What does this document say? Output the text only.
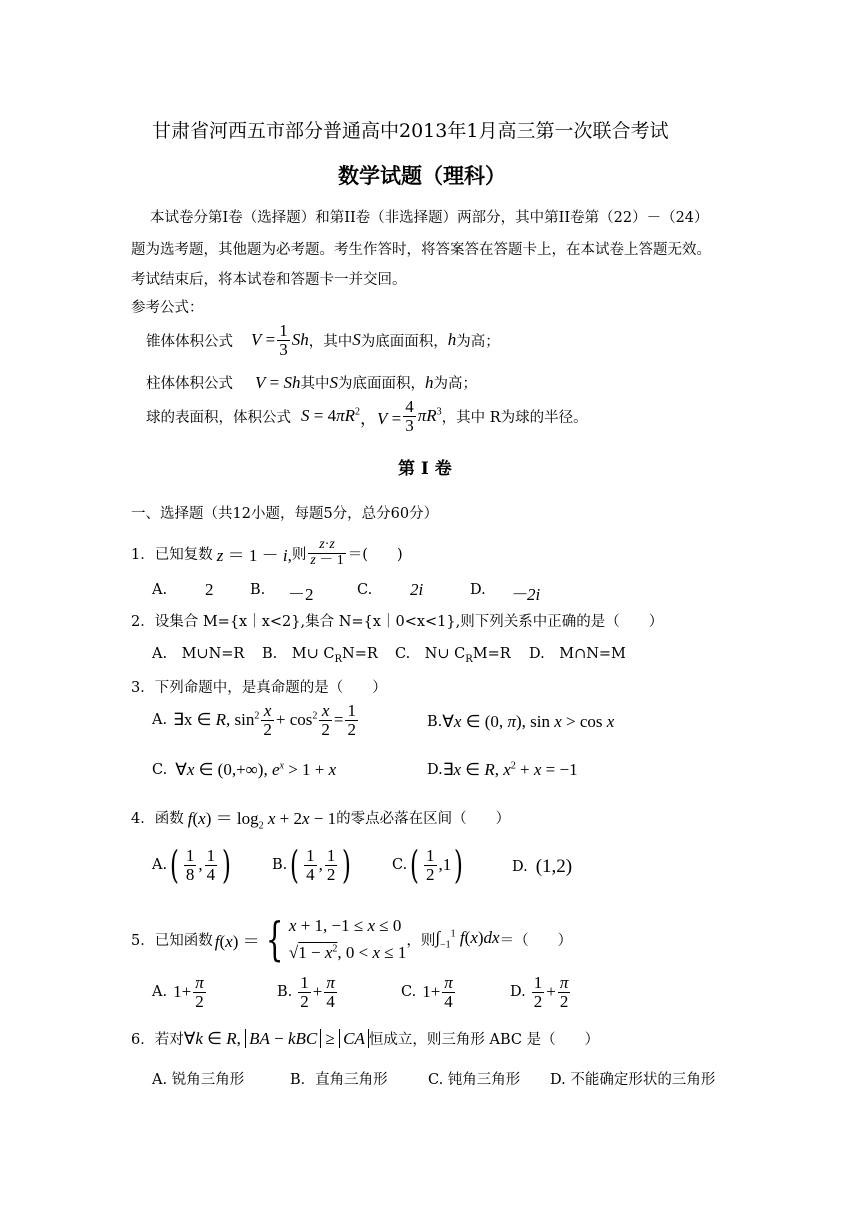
甘肃省河西五市部分普通高中2013年1月高三第一次联合考试
数学试题（理科）
本试卷分第Ⅰ卷（选择题）和第II卷（非选择题）两部分，其中第II卷第（22）－（24）
题为选考题，其他题为必考题。考生作答时，将答案答在答题卡上，在本试卷上答题无效。
考试结束后，将本试卷和答题卡一并交回。
参考公式：
锥体体积公式 $V = \frac{1}{3}$ Sh ，其中 S 为底面面积， h 为高；
柱体体积公式 V = Sh 其中 S 为底面面积， h 为高；
球的表面积，体积公式 $S = 4\pi R^2$ ，$V = \frac{4}{3} \pi R^3$ ，其中 R为球的半径。
第 Ⅰ 卷
一、选择题（共12小题，每题5分，总分60分）
1．已知复数 z ＝ 1 － i, 则 $\frac{z\cdot z}{z - 1}$ ＝(　　)
A. 2	B. －2	C. 2i	D. －2i
2．设集合 M={x｜x<2},集合 N={x｜0<x<1},则下列关系中正确的是（　　）
A.　M∪N=R B.　M∪ $C_RN=R$ C.　N∪ $C_RM=R$ D.　M∩N=M
3．下列命题中，是真命题的是（　　）
A. ∃x ∈ R, $\sin^2 \frac{x}{2} + \cos^2 \frac{x}{2} = \frac{1}{2}$	B. ∀x ∈ (0, π), sin x > cos x
C. ∀x ∈ (0,+∞), $e^x > 1 + x$	D. ∃x ∈ R, $x^2 + x = -1$
4．函数 $f(x) = \log_2 x + 2x - 1$ 的零点必落在区间（　　）
A. ( $\frac{1}{8}$ , $\frac{1}{4}$ )	B. ( $\frac{1}{4}$ , $\frac{1}{2}$ )	C. ( $\frac{1}{2} ,1$ )	D. (1,2)
5．已知函数 f(x) ＝ { x + 1, −1 ≤ x ≤ 0
$√1 - x^2$, 0 < x ≤ 1
，则 $\int_{-1}^1$ f(x)dx ＝（　　）
A. $1+ \frac{\pi}{2}$	B. $\frac{1}{2} + \frac{\pi}{4}$	C. $1+ \frac{\pi}{4}$	D. $\frac{1}{2} + \frac{\pi}{2}$
6．若对 ∀k ∈ R, BA − kBC ≥ CA 恒成立，则三角形 ABC 是（　　）
A. 锐角三角形	B．直角三角形	C. 钝角三角形 D. 不能确定形状的三角形
